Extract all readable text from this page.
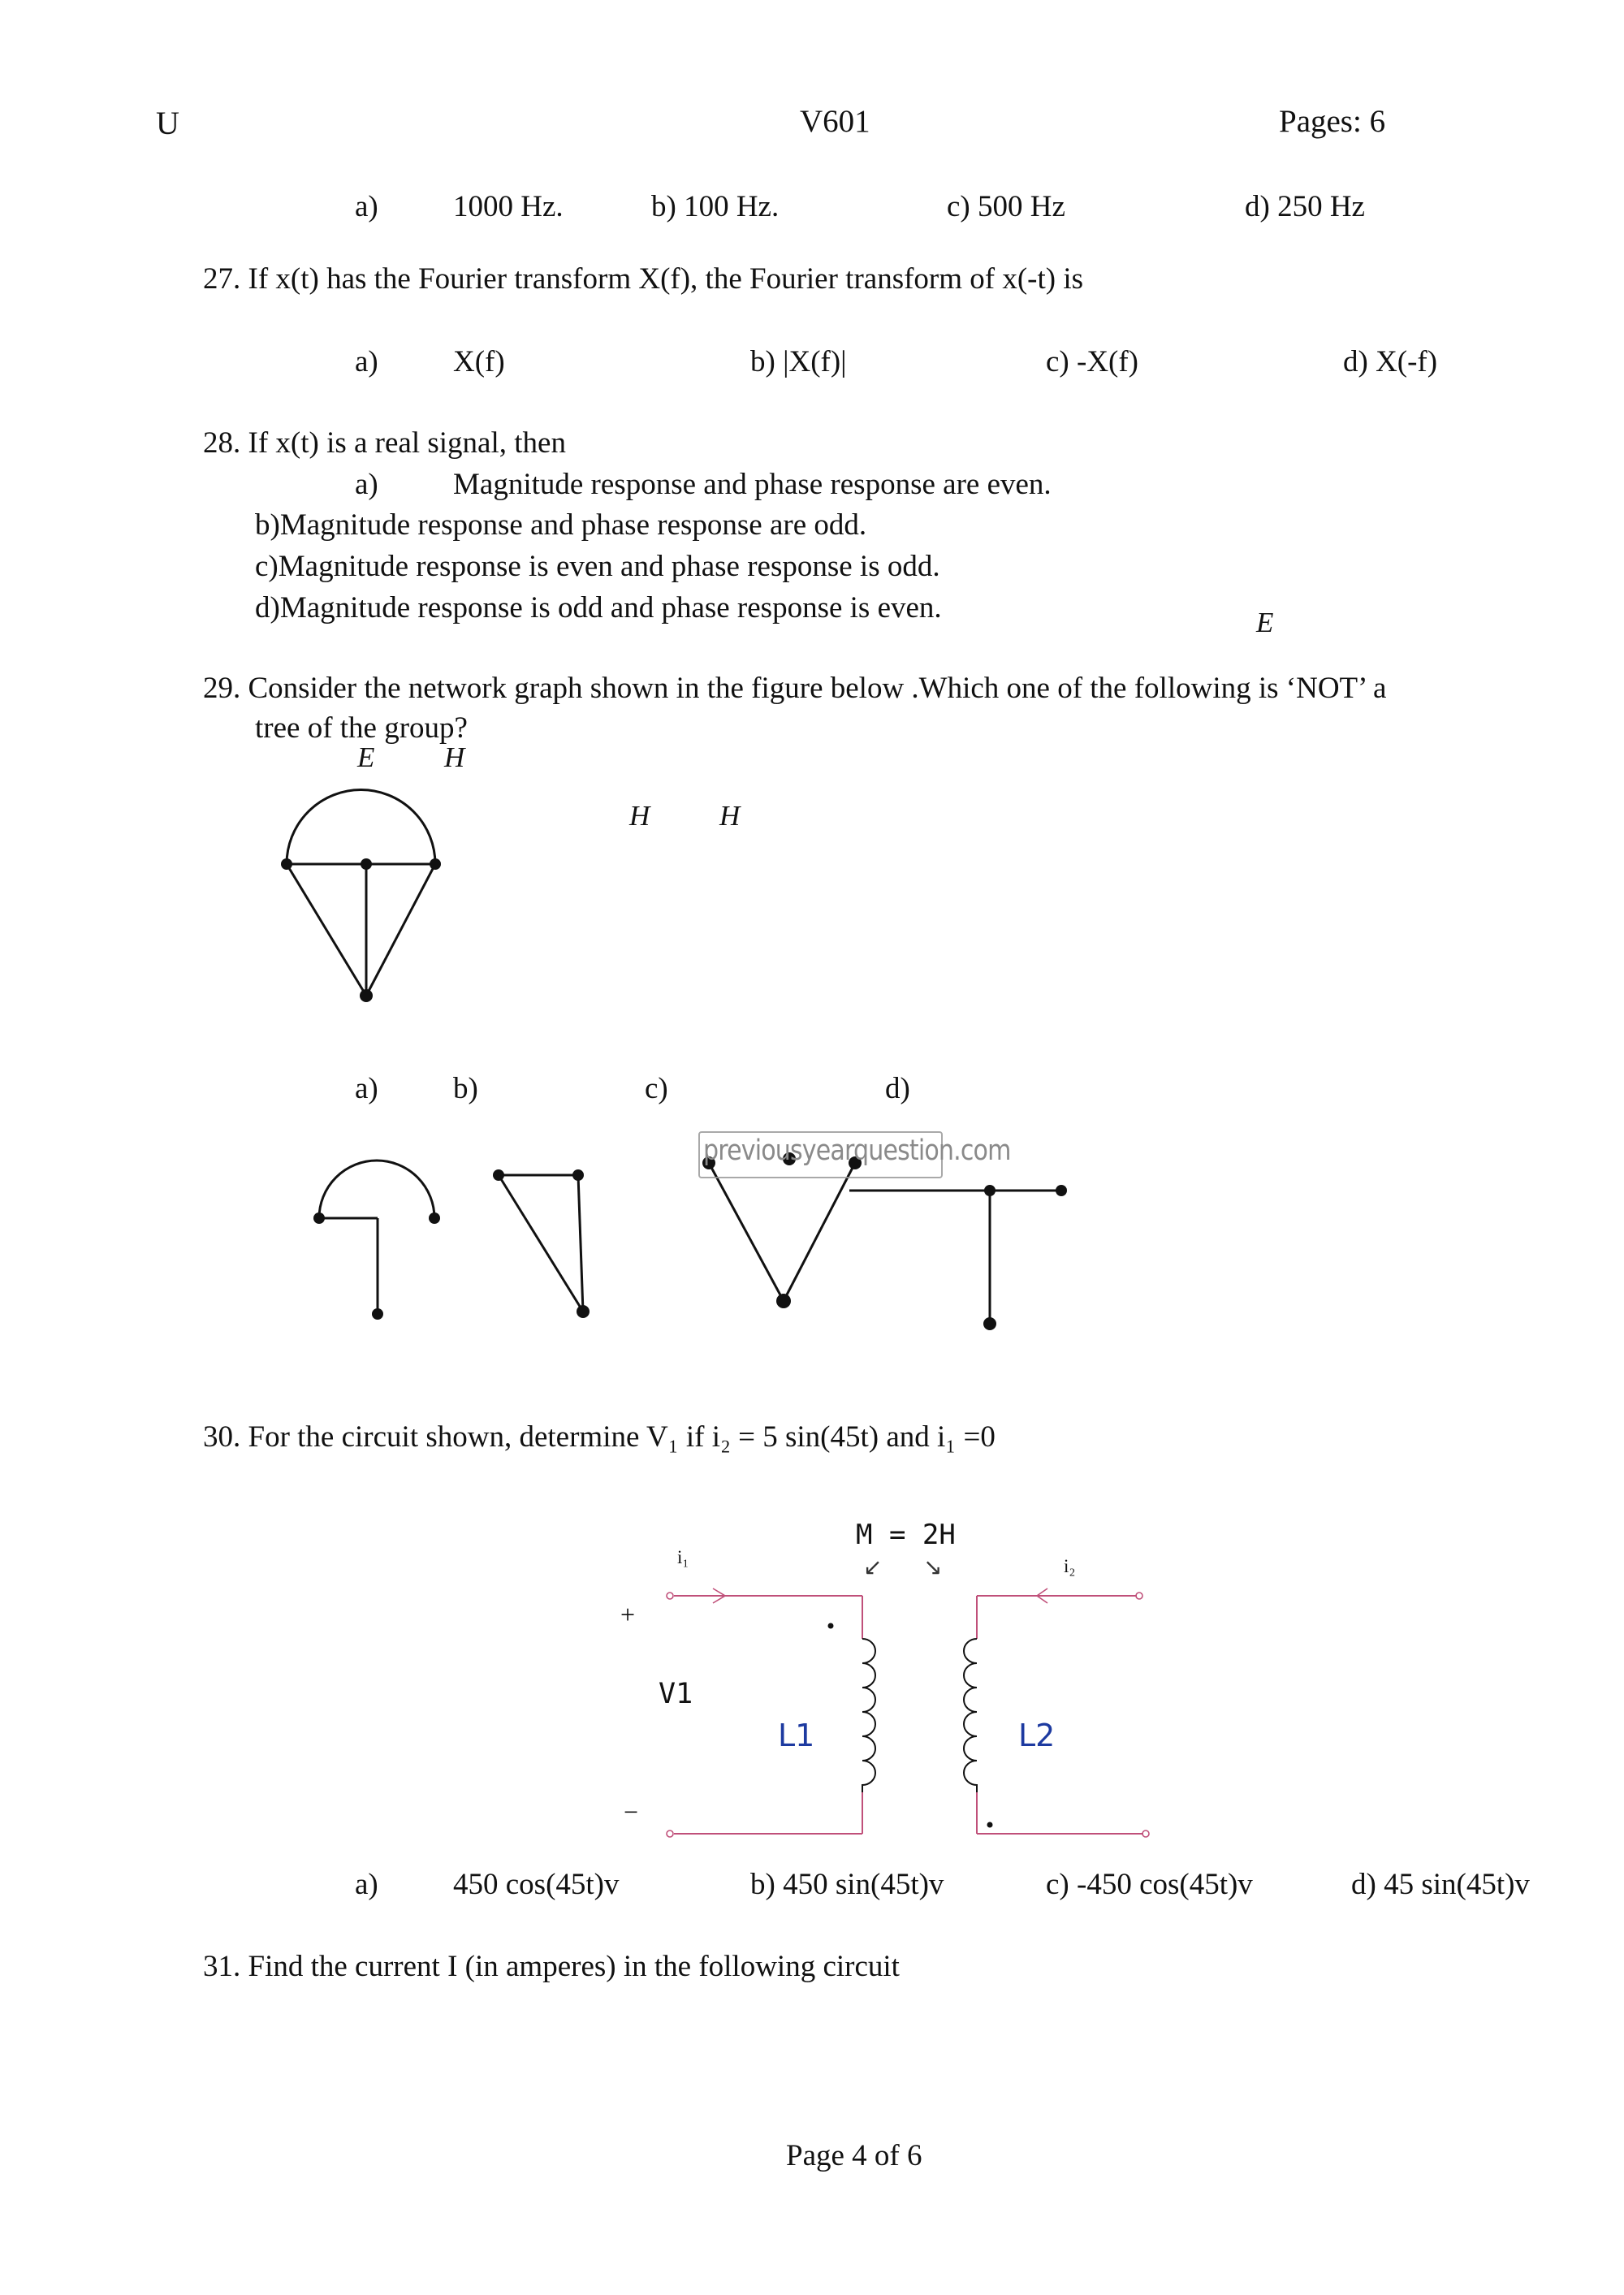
U	V601	Pages: 6
a) 1000 Hz.	b) 100 Hz.	c) 500 Hz	d) 250 Hz
27. If x(t) has the Fourier transform X(f), the Fourier transform of x(-t) is
a) X(f)	b) |X(f)|	c) -X(f)	d) X(-f)
28. If x(t) is a real signal, then
a) Magnitude response and phase response are even.
b)Magnitude response and phase response are odd.
c)Magnitude response is even and phase response is odd.
d)Magnitude response is odd and phase response is even.	E
29. Consider the network graph shown in the figure below .Which one of the following is ‘NOT’ a
tree of the group?
E H
H H
a) b)	c)	d)
previousyearquestion.com
30. For the circuit shown, determine V₁ if i₂ = 5 sin(45t) and i₁ =0
M = 2H
↙ ↘
i₁	i₂
+
−
V1
L1	L2
a) 450 cos(45t)v	b) 450 sin(45t)v	c) -450 cos(45t)v	d) 45 sin(45t)v
31. Find the current I (in amperes) in the following circuit
Page 4 of 6
